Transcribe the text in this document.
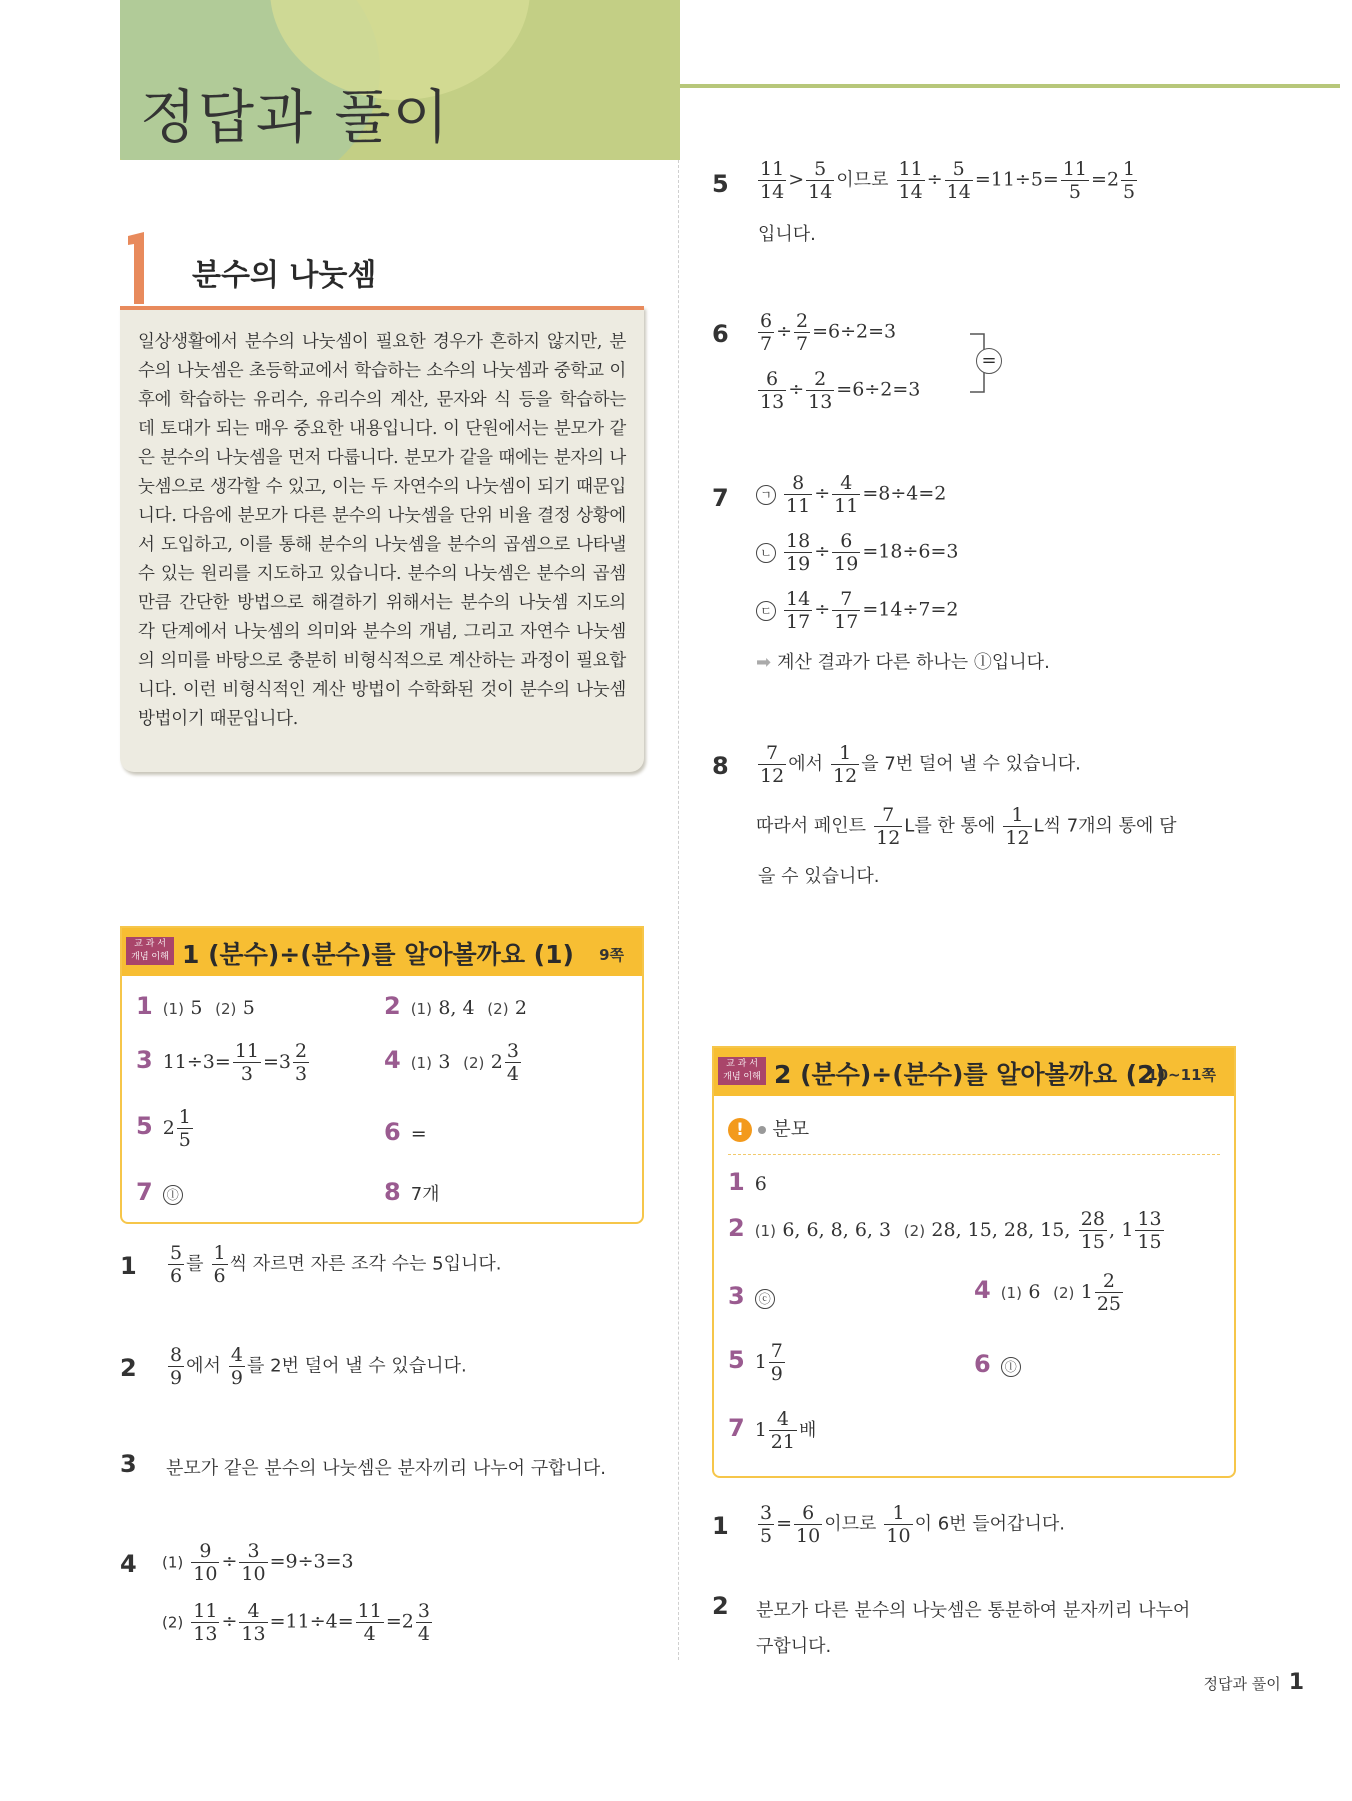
정답과 풀이
분수의 나눗셈

일상생활에서 분수의 나눗셈이 필요한 경우가 흔하지 않지만, 분수의 나눗셈은 초등학교에서 학습하는 소수의 나눗셈과 중학교 이후에 학습하는 유리수, 유리수의 계산, 문자와 식 등을 학습하는 데 토대가 되는 매우 중요한 내용입니다. 이 단원에서는 분모가 같은 분수의 나눗셈을 먼저 다룹니다. 분모가 같을 때에는 분자의 나눗셈으로 생각할 수 있고, 이는 두 자연수의 나눗셈이 되기 때문입니다. 다음에 분모가 다른 분수의 나눗셈을 단위 비율 결정 상황에서 도입하고, 이를 통해 분수의 나눗셈을 분수의 곱셈으로 나타낼 수 있는 원리를 지도하고 있습니다. 분수의 나눗셈은 분수의 곱셈만큼 간단한 방법으로 해결하기 위해서는 분수의 나눗셈 지도의 각 단계에서 나눗셈의 의미와 분수의 개념, 그리고 자연수 나눗셈의 의미를 바탕으로 충분히 비형식적으로 계산하는 과정이 필요합니다. 이런 비형식적인 계산 방법이 수학화된 것이 분수의 나눗셈 방법이기 때문입니다.

교 과 서
개념 이해 1 (분수)÷(분수)를 알아볼까요 (1) 9쪽
1 (1) 5 (2) 5	2 (1) 8, 4 (2) 2
3 $11\div 3= \frac{11}{3} =3 \frac{2}{3}$	4 (1) 3 (2) $2 \frac{3}{4}$
5 $2 \frac{1}{5}$	6 =
7 ⓛ	8 7개
$1 \frac{5}{6}$ 를 $\frac{1}{6}$ 씩 자르면 자른 조각 수는 5입니다.
$2 \frac{8}{9}$ 에서 $\frac{4}{9}$ 를 2번 덜어 낼 수 있습니다.
3 분모가 같은 분수의 나눗셈은 분자끼리 나누어 구합니다.
4 $(1) \frac{9}{10} \div \frac{3}{10} =9\div 3=3$
$(2) \frac{11}{13} \div \frac{4}{13} =11\div 4= \frac{11}{4} =2 \frac{3}{4}$
$5 \frac{11}{14} > \frac{5}{14}$ 이므로 $\frac{11}{14} \div \frac{5}{14} =11\div 5= \frac{11}{5} =2 \frac{1}{5}$
입니다.
$6 \frac{6}{7} \div \frac{2}{7} =6\div 2=3$
$\frac{6}{13} \div \frac{2}{13} =6\div 2=3$
=
7	ㄱ $\frac{8}{11} \div \frac{4}{11} =8\div 4=2$
ㄴ $\frac{18}{19} \div \frac{6}{19} =18\div 6=3$
ㄷ $\frac{14}{17} \div \frac{7}{17} =14\div 7=2$
➡ 계산 결과가 다른 하나는 ⓛ입니다.
$8 \frac{7}{12}$ 에서 $\frac{1}{12}$ 을 7번 덜어 낼 수 있습니다.
따라서 페인트 $\frac{7}{12}$ L를 한 통에 $\frac{1}{12}$ L씩 7개의 통에 담
을 수 있습니다.
교 과 서
개념 이해 2 (분수)÷(분수)를 알아볼까요 (2)
10~11쪽
! 분모
1 6
2 (1) 6, 6, 8, 6, 3 (2) 28, 15, 28, 15, $\frac{28}{15}$ , $1 \frac{13}{15}$
3 ⓒ	4 (1) 6 (2) $1 \frac{2}{25}$
5 $1 \frac{7}{9}$	6 ⓛ
7 $1 \frac{4}{21}$ 배
$1 \frac{3}{5} = \frac{6}{10}$ 이므로 $\frac{1}{10}$ 이 6번 들어갑니다.
2 분모가 다른 분수의 나눗셈은 통분하여 분자끼리 나누어
구합니다.
정답과 풀이 1
